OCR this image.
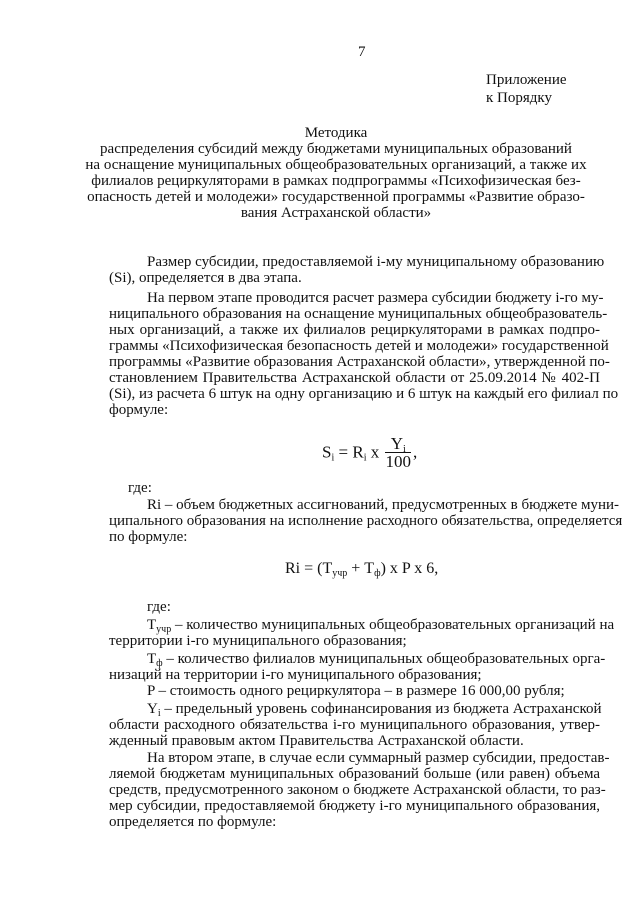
7
Приложение
к Порядку
Методика
распределения субсидий между бюджетами муниципальных образований
на оснащение муниципальных общеобразовательных организаций, а также их
филиалов рециркуляторами в рамках подпрограммы «Психофизическая без-
опасность детей и молодежи» государственной программы «Развитие образо-
вания Астраханской области»
Размер субсидии, предоставляемой i-му муниципальному образованию
(Si), определяется в два этапа.
На первом этапе проводится расчет размера субсидии бюджету i-го му-
ниципального образования на оснащение муниципальных общеобразователь-
ных организаций, а также их филиалов рециркуляторами в рамках подпро-
граммы «Психофизическая безопасность детей и молодежи» государственной
программы «Развитие образования Астраханской области», утвержденной по-
становлением Правительства Астраханской области от 25.09.2014 № 402-П
(Si), из расчета 6 штук на одну организацию и 6 штук на каждый его филиал по
формуле:
$S_i = R_i$ x $\frac{Y_i}{100}$ ,
где:
Ri – объем бюджетных ассигнований, предусмотренных в бюджете муни-
ципального образования на исполнение расходного обязательства, определяется
по формуле:
$Ri = (T_{учр} + T_ф)$ x P x 6,
где:
$T_{учр}$ – количество муниципальных общеобразовательных организаций на
территории i-го муниципального образования;
$T_ф$ – количество филиалов муниципальных общеобразовательных орга-
низаций на территории i-го муниципального образования;
P – стоимость одного рециркулятора – в размере 16 000,00 рубля;
$Y_i$ – предельный уровень софинансирования из бюджета Астраханской
области расходного обязательства i-го муниципального образования, утвер-
жденный правовым актом Правительства Астраханской области.
На втором этапе, в случае если суммарный размер субсидии, предостав-
ляемой бюджетам муниципальных образований больше (или равен) объема
средств, предусмотренного законом о бюджете Астраханской области, то раз-
мер субсидии, предоставляемой бюджету i-го муниципального образования,
определяется по формуле:
